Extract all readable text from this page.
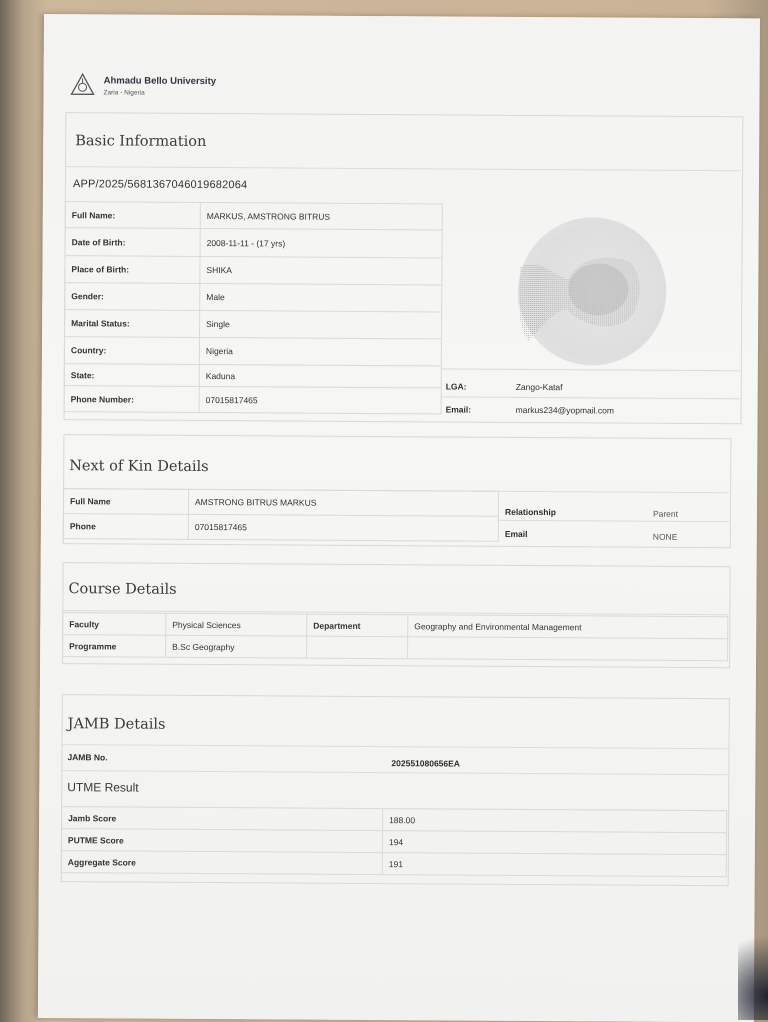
Ahmadu Bello University
Zaria - Nigeria
Basic Information
APP/2025/5681367046019682064
Full Name:	MARKUS, AMSTRONG BITRUS
Date of Birth:	2008-11-11 - (17 yrs)
Place of Birth:	SHIKA
Gender:	Male
Marital Status:	Single
Country:	Nigeria
State:	Kaduna
Phone Number:	07015817465
LGA:	Zango-Kataf
Email:	markus234@yopmail.com
Next of Kin Details
Full Name	AMSTRONG BITRUS MARKUS
Phone	07015817465
Relationship	Parent
Email	NONE
Course Details
Faculty	Physical Sciences	Department	Geography and Environmental Management
Programme	B.Sc Geography		
JAMB Details
JAMB No.
202551080656EA
UTME Result
Jamb Score	188.00
PUTME Score	194
Aggregate Score	191
